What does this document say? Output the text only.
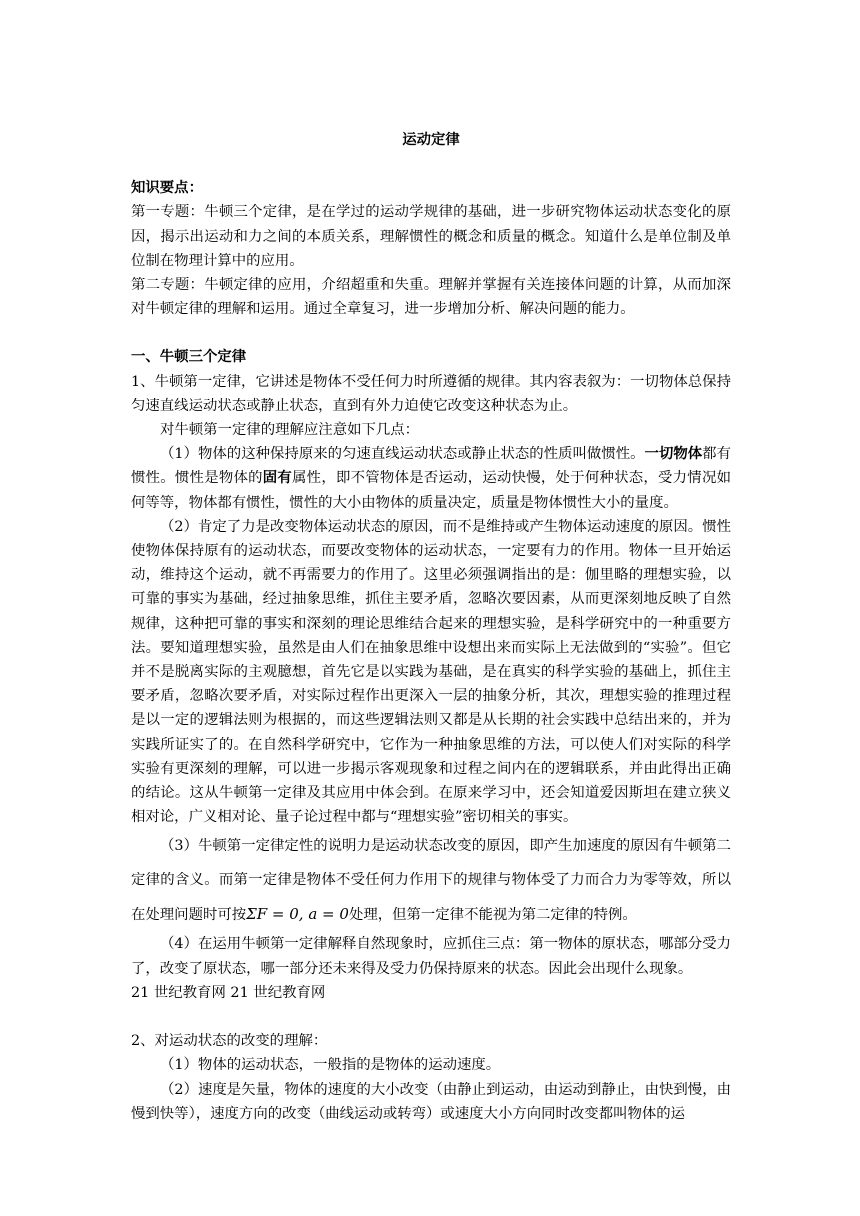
运动定律

知识要点：

第一专题：牛顿三个定律，是在学过的运动学规律的基础，进一步研究物体运动状态变化的原因，揭示出运动和力之间的本质关系，理解惯性的概念和质量的概念。知道什么是单位制及单位制在物理计算中的应用。

第二专题：牛顿定律的应用，介绍超重和失重。理解并掌握有关连接体问题的计算，从而加深对牛顿定律的理解和运用。通过全章复习，进一步增加分析、解决问题的能力。

一、牛顿三个定律

1、牛顿第一定律，它讲述是物体不受任何力时所遵循的规律。其内容表叙为：一切物体总保持匀速直线运动状态或静止状态，直到有外力迫使它改变这种状态为止。

对牛顿第一定律的理解应注意如下几点：

（1）物体的这种保持原来的匀速直线运动状态或静止状态的性质叫做惯性。一切物体都有惯性。惯性是物体的固有属性，即不管物体是否运动，运动快慢，处于何种状态，受力情况如何等等，物体都有惯性，惯性的大小由物体的质量决定，质量是物体惯性大小的量度。

（2）肯定了力是改变物体运动状态的原因，而不是维持或产生物体运动速度的原因。惯性使物体保持原有的运动状态，而要改变物体的运动状态，一定要有力的作用。物体一旦开始运动，维持这个运动，就不再需要力的作用了。这里必须强调指出的是：伽里略的理想实验，以可靠的事实为基础，经过抽象思维，抓住主要矛盾，忽略次要因素，从而更深刻地反映了自然规律，这种把可靠的事实和深刻的理论思维结合起来的理想实验，是科学研究中的一种重要方法。要知道理想实验，虽然是由人们在抽象思维中设想出来而实际上无法做到的“实验”。但它并不是脱离实际的主观臆想，首先它是以实践为基础，是在真实的科学实验的基础上，抓住主要矛盾，忽略次要矛盾，对实际过程作出更深入一层的抽象分析，其次，理想实验的推理过程是以一定的逻辑法则为根据的，而这些逻辑法则又都是从长期的社会实践中总结出来的，并为实践所证实了的。在自然科学研究中，它作为一种抽象思维的方法，可以使人们对实际的科学实验有更深刻的理解，可以进一步揭示客观现象和过程之间内在的逻辑联系，并由此得出正确的结论。这从牛顿第一定律及其应用中体会到。在原来学习中，还会知道爱因斯坦在建立狭义相对论，广义相对论、量子论过程中都与“理想实验”密切相关的事实。

（3）牛顿第一定律定性的说明力是运动状态改变的原因，即产生加速度的原因有牛顿第二定律的含义。而第一定律是物体不受任何力作用下的规律与物体受了力而合力为零等效，所以在处理问题时可按ΣF = 0, a = 0处理，但第一定律不能视为第二定律的特例。

（4）在运用牛顿第一定律解释自然现象时，应抓住三点：第一物体的原状态，哪部分受力了，改变了原状态，哪一部分还未来得及受力仍保持原来的状态。因此会出现什么现象。

21 世纪教育网 21 世纪教育网

2、对运动状态的改变的理解：

（1）物体的运动状态，一般指的是物体的运动速度。

（2）速度是矢量，物体的速度的大小改变（由静止到运动，由运动到静止，由快到慢，由慢到快等），速度方向的改变（曲线运动或转弯）或速度大小方向同时改变都叫物体的运
